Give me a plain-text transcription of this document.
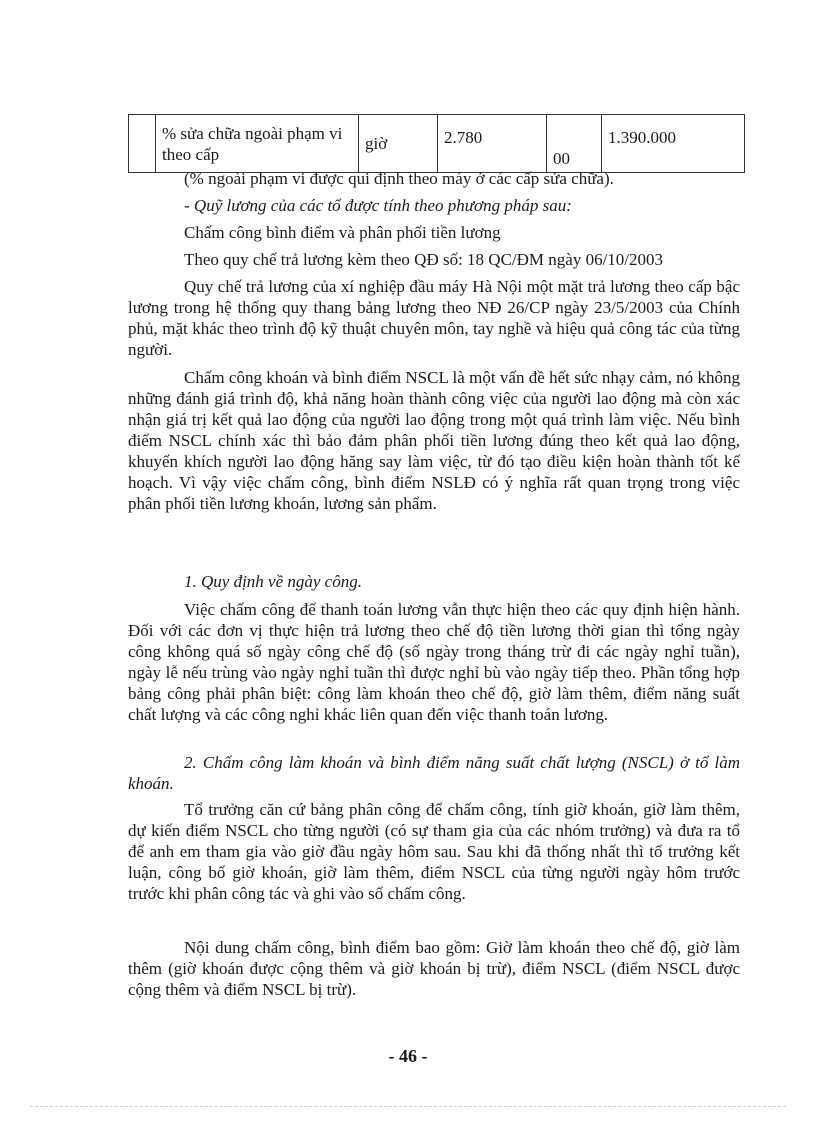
	% sửa chữa ngoài phạm vi theo cấp	giờ	2.780	00	1.390.000

(% ngoài phạm vi được qui định theo máy ở các cấp sửa chữa).

- Quỹ lương của các tổ được tính theo phương pháp sau:

Chấm công bình điểm và phân phối tiền lương

Theo quy chế trả lương kèm theo QĐ số: 18 QC/ĐM ngày 06/10/2003

Quy chế trả lương của xí nghiệp đầu máy Hà Nội một mặt trả lương theo cấp bậc lương trong hệ thống quy thang bảng lương theo NĐ 26/CP ngày 23/5/2003 của Chính phủ, mặt khác theo trình độ kỹ thuật chuyên môn, tay nghề và hiệu quả công tác của từng người.

Chấm công khoán và bình điểm NSCL là một vấn đề hết sức nhạy cảm, nó không những đánh giá trình độ, khả năng hoàn thành công việc của người lao động mà còn xác nhận giá trị kết quả lao động của người lao động trong một quá trình làm việc. Nếu bình điểm NSCL chính xác thì bảo đảm phân phối tiền lương đúng theo kết quả lao động, khuyến khích người lao động hăng say làm việc, từ đó tạo điều kiện hoàn thành tốt kế hoạch. Vì vậy việc chấm công, bình điểm NSLĐ có ý nghĩa rất quan trọng trong việc phân phối tiền lương khoán, lương sản phẩm.

1. Quy định về ngày công.

Việc chấm công để thanh toán lương vẫn thực hiện theo các quy định hiện hành. Đối với các đơn vị thực hiện trả lương theo chế độ tiền lương thời gian thì tổng ngày công không quá số ngày công chế độ (số ngày trong tháng trừ đi các ngày nghỉ tuần), ngày lễ nếu trùng vào ngày nghỉ tuần thì được nghỉ bù vào ngày tiếp theo. Phần tổng hợp bảng công phải phân biệt: công làm khoán theo chế độ, giờ làm thêm, điểm năng suất chất lượng và các công nghỉ khác liên quan đến việc thanh toán lương.

2. Chấm công làm khoán và bình điểm năng suất chất lượng (NSCL) ở tổ làm khoán.

Tổ trưởng căn cứ bảng phân công để chấm công, tính giờ khoán, giờ làm thêm, dự kiến điểm NSCL cho từng người (có sự tham gia của các nhóm trưởng) và đưa ra tổ để anh em tham gia vào giờ đầu ngày hôm sau. Sau khi đã thống nhất thì tổ trưởng kết luận, công bố giờ khoán, giờ làm thêm, điểm NSCL của từng người ngày hôm trước trước khi phân công tác và ghi vào sổ chấm công.

Nội dung chấm công, bình điểm bao gồm: Giờ làm khoán theo chế độ, giờ làm thêm (giờ khoán được cộng thêm và giờ khoán bị trừ), điểm NSCL (điểm NSCL được cộng thêm và điểm NSCL bị trừ).

- 46 -
